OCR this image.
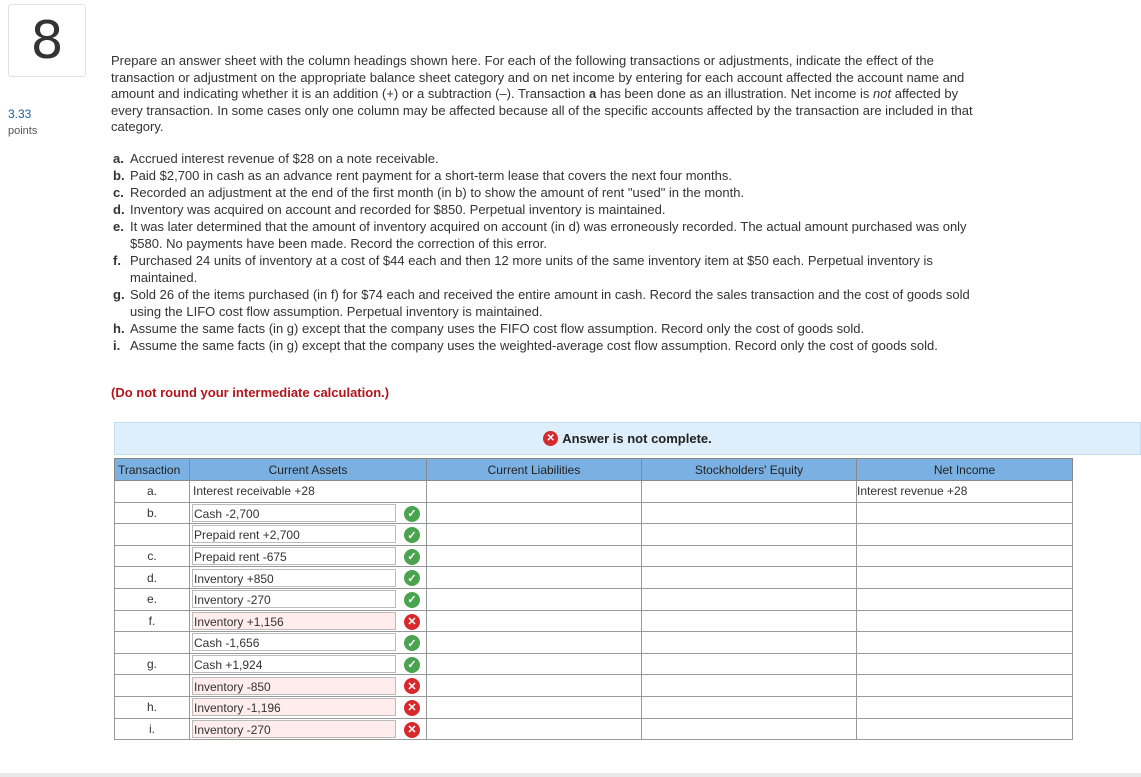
8
3.33
points
Prepare an answer sheet with the column headings shown here. For each of the following transactions or adjustments, indicate the effect of the transaction or adjustment on the appropriate balance sheet category and on net income by entering for each account affected the account name and amount and indicating whether it is an addition (+) or a subtraction (–). Transaction a has been done as an illustration. Net income is not affected by every transaction. In some cases only one column may be affected because all of the specific accounts affected by the transaction are included in that category.
a. Accrued interest revenue of $28 on a note receivable.
b. Paid $2,700 in cash as an advance rent payment for a short-term lease that covers the next four months.
c. Recorded an adjustment at the end of the first month (in b) to show the amount of rent "used" in the month.
d. Inventory was acquired on account and recorded for $850. Perpetual inventory is maintained.
e. It was later determined that the amount of inventory acquired on account (in d) was erroneously recorded. The actual amount purchased was only $580. No payments have been made. Record the correction of this error.
f. Purchased 24 units of inventory at a cost of $44 each and then 12 more units of the same inventory item at $50 each. Perpetual inventory is maintained.
g. Sold 26 of the items purchased (in f) for $74 each and received the entire amount in cash. Record the sales transaction and the cost of goods sold using the LIFO cost flow assumption. Perpetual inventory is maintained.
h. Assume the same facts (in g) except that the company uses the FIFO cost flow assumption. Record only the cost of goods sold.
i. Assume the same facts (in g) except that the company uses the weighted-average cost flow assumption. Record only the cost of goods sold.
(Do not round your intermediate calculation.)
✕ Answer is not complete.
Transaction	Current Assets	Current Liabilities	Stockholders' Equity	Net Income
a.	Interest receivable +28			Interest revenue +28
b.	Cash -2,700 ✓			

	Prepaid rent +2,700 ✓			

c.	Prepaid rent -675 ✓			

d.	Inventory +850 ✓			

e.	Inventory -270 ✓			

f.	Inventory +1,156 ✕			

	Cash -1,656 ✓			

g.	Cash +1,924 ✓			

	Inventory -850 ✕			

h.	Inventory -1,196 ✕			

i.	Inventory -270 ✕			
